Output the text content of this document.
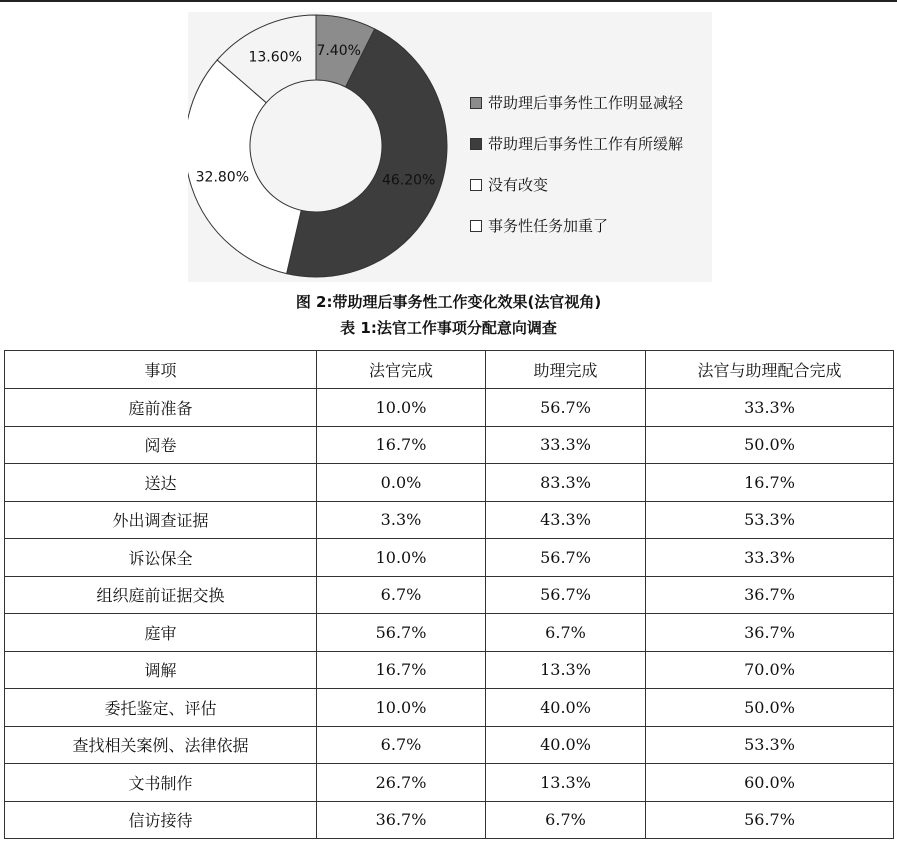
7.40%
46.20%
32.80%
13.60%
带助理后事务性工作明显减轻
带助理后事务性工作有所缓解
没有改变
事务性任务加重了
图 2:带助理后事务性工作变化效果(法官视角)
表 1:法官工作事项分配意向调查
事项	法官完成	助理完成	法官与助理配合完成
庭前准备	10.0%	56.7%	33.3%
阅卷	16.7%	33.3%	50.0%
送达	0.0%	83.3%	16.7%
外出调查证据	3.3%	43.3%	53.3%
诉讼保全	10.0%	56.7%	33.3%
组织庭前证据交换	6.7%	56.7%	36.7%
庭审	56.7%	6.7%	36.7%
调解	16.7%	13.3%	70.0%
委托鉴定、评估	10.0%	40.0%	50.0%
查找相关案例、法律依据	6.7%	40.0%	53.3%
文书制作	26.7%	13.3%	60.0%
信访接待	36.7%	6.7%	56.7%
